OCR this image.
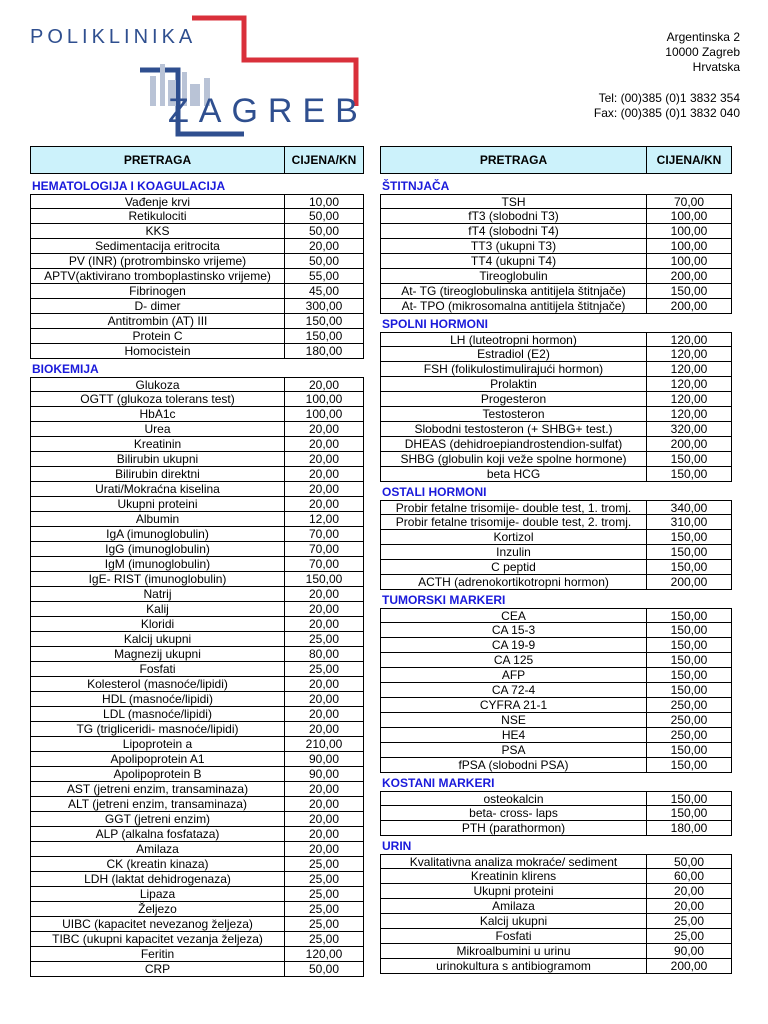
POLIKLINIKA
ZAGREB
Argentinska 2
10000 Zagreb
Hrvatska
Tel: (00)385 (0)1 3832 354
Fax: (00)385 (0)1 3832 040
PRETRAGA	CIJENA/KN
HEMATOLOGIJA I KOAGULACIJA
Vađenje krvi	10,00
Retikulociti	50,00
KKS	50,00
Sedimentacija eritrocita	20,00
PV (INR) (protrombinsko vrijeme)	50,00
APTV(aktivirano tromboplastinsko vrijeme)	55,00
Fibrinogen	45,00
D- dimer	300,00
Antitrombin (AT) III	150,00
Protein C	150,00
Homocistein	180,00
BIOKEMIJA
Glukoza	20,00
OGTT (glukoza tolerans test)	100,00
HbA1c	100,00
Urea	20,00
Kreatinin	20,00
Bilirubin ukupni	20,00
Bilirubin direktni	20,00
Urati/Mokraćna kiselina	20,00
Ukupni proteini	20,00
Albumin	12,00
IgA (imunoglobulin)	70,00
IgG (imunoglobulin)	70,00
IgM (imunoglobulin)	70,00
IgE- RIST (imunoglobulin)	150,00
Natrij	20,00
Kalij	20,00
Kloridi	20,00
Kalcij ukupni	25,00
Magnezij ukupni	80,00
Fosfati	25,00
Kolesterol (masnoće/lipidi)	20,00
HDL (masnoće/lipidi)	20,00
LDL (masnoće/lipidi)	20,00
TG (trigliceridi- masnoće/lipidi)	20,00
Lipoprotein a	210,00
Apolipoprotein A1	90,00
Apolipoprotein B	90,00
AST (jetreni enzim, transaminaza)	20,00
ALT (jetreni enzim, transaminaza)	20,00
GGT (jetreni enzim)	20,00
ALP (alkalna fosfataza)	20,00
Amilaza	20,00
CK (kreatin kinaza)	25,00
LDH (laktat dehidrogenaza)	25,00
Lipaza	25,00
Željezo	25,00
UIBC (kapacitet nevezanog željeza)	25,00
TIBC (ukupni kapacitet vezanja željeza)	25,00
Feritin	120,00
CRP	50,00
PRETRAGA	CIJENA/KN
ŠTITNJAČA
TSH	70,00
fT3 (slobodni T3)	100,00
fT4 (slobodni T4)	100,00
TT3 (ukupni T3)	100,00
TT4 (ukupni T4)	100,00
Tireoglobulin	200,00
At- TG (tireoglobulinska antitijela štitnjače)	150,00
At- TPO (mikrosomalna antitijela štitnjače)	200,00
SPOLNI HORMONI
LH (luteotropni hormon)	120,00
Estradiol (E2)	120,00
FSH (folikulostimulirajući hormon)	120,00
Prolaktin	120,00
Progesteron	120,00
Testosteron	120,00
Slobodni testosteron (+ SHBG+ test.)	320,00
DHEAS (dehidroepiandrostendion-sulfat)	200,00
SHBG (globulin koji veže spolne hormone)	150,00
beta HCG	150,00
OSTALI HORMONI
Probir fetalne trisomije- double test, 1. tromj.	340,00
Probir fetalne trisomije- double test, 2. tromj.	310,00
Kortizol	150,00
Inzulin	150,00
C peptid	150,00
ACTH (adrenokortikotropni hormon)	200,00
TUMORSKI MARKERI
CEA	150,00
CA 15-3	150,00
CA 19-9	150,00
CA 125	150,00
AFP	150,00
CA 72-4	150,00
CYFRA 21-1	250,00
NSE	250,00
HE4	250,00
PSA	150,00
fPSA (slobodni PSA)	150,00
KOSTANI MARKERI
osteokalcin	150,00
beta- cross- laps	150,00
PTH (parathormon)	180,00
URIN
Kvalitativna analiza mokraće/ sediment	50,00
Kreatinin klirens	60,00
Ukupni proteini	20,00
Amilaza	20,00
Kalcij ukupni	25,00
Fosfati	25,00
Mikroalbumini u urinu	90,00
urinokultura s antibiogramom	200,00
